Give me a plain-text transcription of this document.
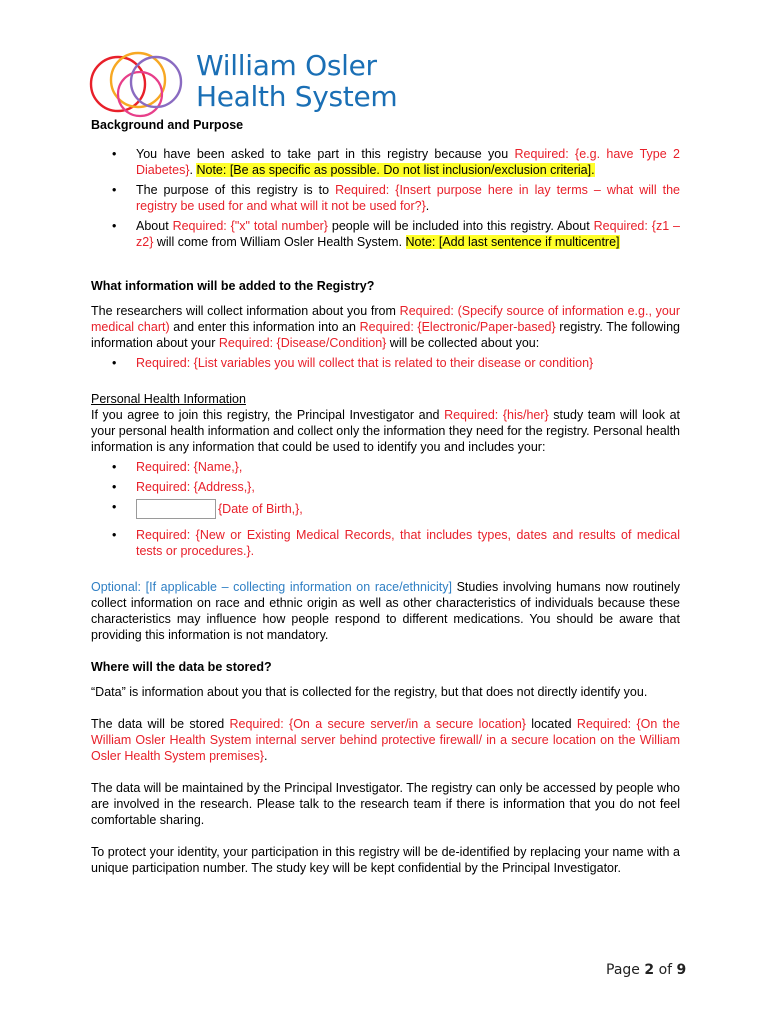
William Osler
Health System

Background and Purpose

• You have been asked to take part in this registry because you Required: {e.g. have Type 2 Diabetes}. Note: [Be as specific as possible. Do not list inclusion/exclusion criteria].
• The purpose of this registry is to Required: {Insert purpose here in lay terms – what will the registry be used for and what will it not be used for?}.
• About Required: {"x" total number} people will be included into this registry. About Required: {z1 – z2} will come from William Osler Health System. Note: [Add last sentence if multicentre]

What information will be added to the Registry?

The researchers will collect information about you from Required: (Specify source of information e.g., your medical chart) and enter this information into an Required: {Electronic/Paper-based} registry. The following information about your Required: {Disease/Condition} will be collected about you:

• Required: {List variables you will collect that is related to their disease or condition}

Personal Health Information

If you agree to join this registry, the Principal Investigator and Required: {his/her} study team will look at your personal health information and collect only the information they need for the registry. Personal health information is any information that could be used to identify you and includes your:

• Required: {Name,},
• Required: {Address,},
• {Date of Birth,},
• Required: {New or Existing Medical Records, that includes types, dates and results of medical tests or procedures.}.

Optional: [If applicable – collecting information on race/ethnicity] Studies involving humans now routinely collect information on race and ethnic origin as well as other characteristics of individuals because these characteristics may influence how people respond to different medications. You should be aware that providing this information is not mandatory.

Where will the data be stored?

“Data” is information about you that is collected for the registry, but that does not directly identify you.

The data will be stored Required: {On a secure server/in a secure location} located Required: {On the William Osler Health System internal server behind protective firewall/ in a secure location on the William Osler Health System premises}.

The data will be maintained by the Principal Investigator. The registry can only be accessed by people who are involved in the research. Please talk to the research team if there is information that you do not feel comfortable sharing.

To protect your identity, your participation in this registry will be de-identified by replacing your name with a unique participation number. The study key will be kept confidential by the Principal Investigator.

Page 2 of 9
